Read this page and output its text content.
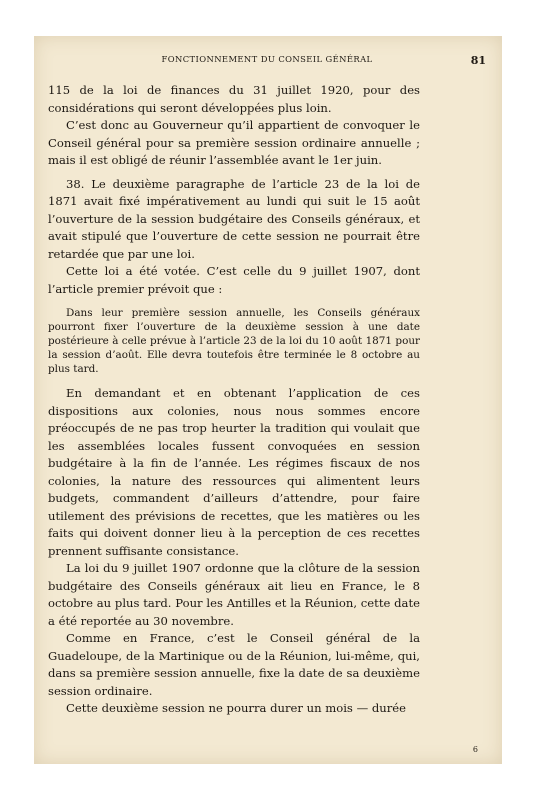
FONCTIONNEMENT DU CONSEIL GÉNÉRAL	81

115 de la loi de finances du 31 juillet 1920, pour des considérations qui seront développées plus loin.

C’est donc au Gouverneur qu’il appartient de convoquer le Conseil général pour sa première session ordinaire annuelle ; mais il est obligé de réunir l’assemblée avant le 1er juin.

38. Le deuxième paragraphe de l’article 23 de la loi de 1871 avait fixé impérativement au lundi qui suit le 15 août l’ouverture de la session budgétaire des Conseils généraux, et avait stipulé que l’ouverture de cette session ne pourrait être retardée que par une loi.

Cette loi a été votée. C’est celle du 9 juillet 1907, dont l’article premier prévoit que :

Dans leur première session annuelle, les Conseils généraux pourront fixer l’ouverture de la deuxième session à une date postérieure à celle prévue à l’article 23 de la loi du 10 août 1871 pour la session d’août. Elle devra toutefois être terminée le 8 octobre au plus tard.

En demandant et en obtenant l’application de ces dispositions aux colonies, nous nous sommes encore préoccupés de ne pas trop heurter la tradition qui voulait que les assemblées locales fussent convoquées en session budgétaire à la fin de l’année. Les régimes fiscaux de nos colonies, la nature des ressources qui alimentent leurs budgets, commandent d’ailleurs d’attendre, pour faire utilement des prévisions de recettes, que les matières ou les faits qui doivent donner lieu à la perception de ces recettes prennent suffisante consistance.

La loi du 9 juillet 1907 ordonne que la clôture de la session budgétaire des Conseils généraux ait lieu en France, le 8 octobre au plus tard. Pour les Antilles et la Réunion, cette date a été reportée au 30 novembre.

Comme en France, c’est le Conseil général de la Guadeloupe, de la Martinique ou de la Réunion, lui-même, qui, dans sa première session annuelle, fixe la date de sa deuxième session ordinaire.

Cette deuxième session ne pourra durer un mois — durée

6
